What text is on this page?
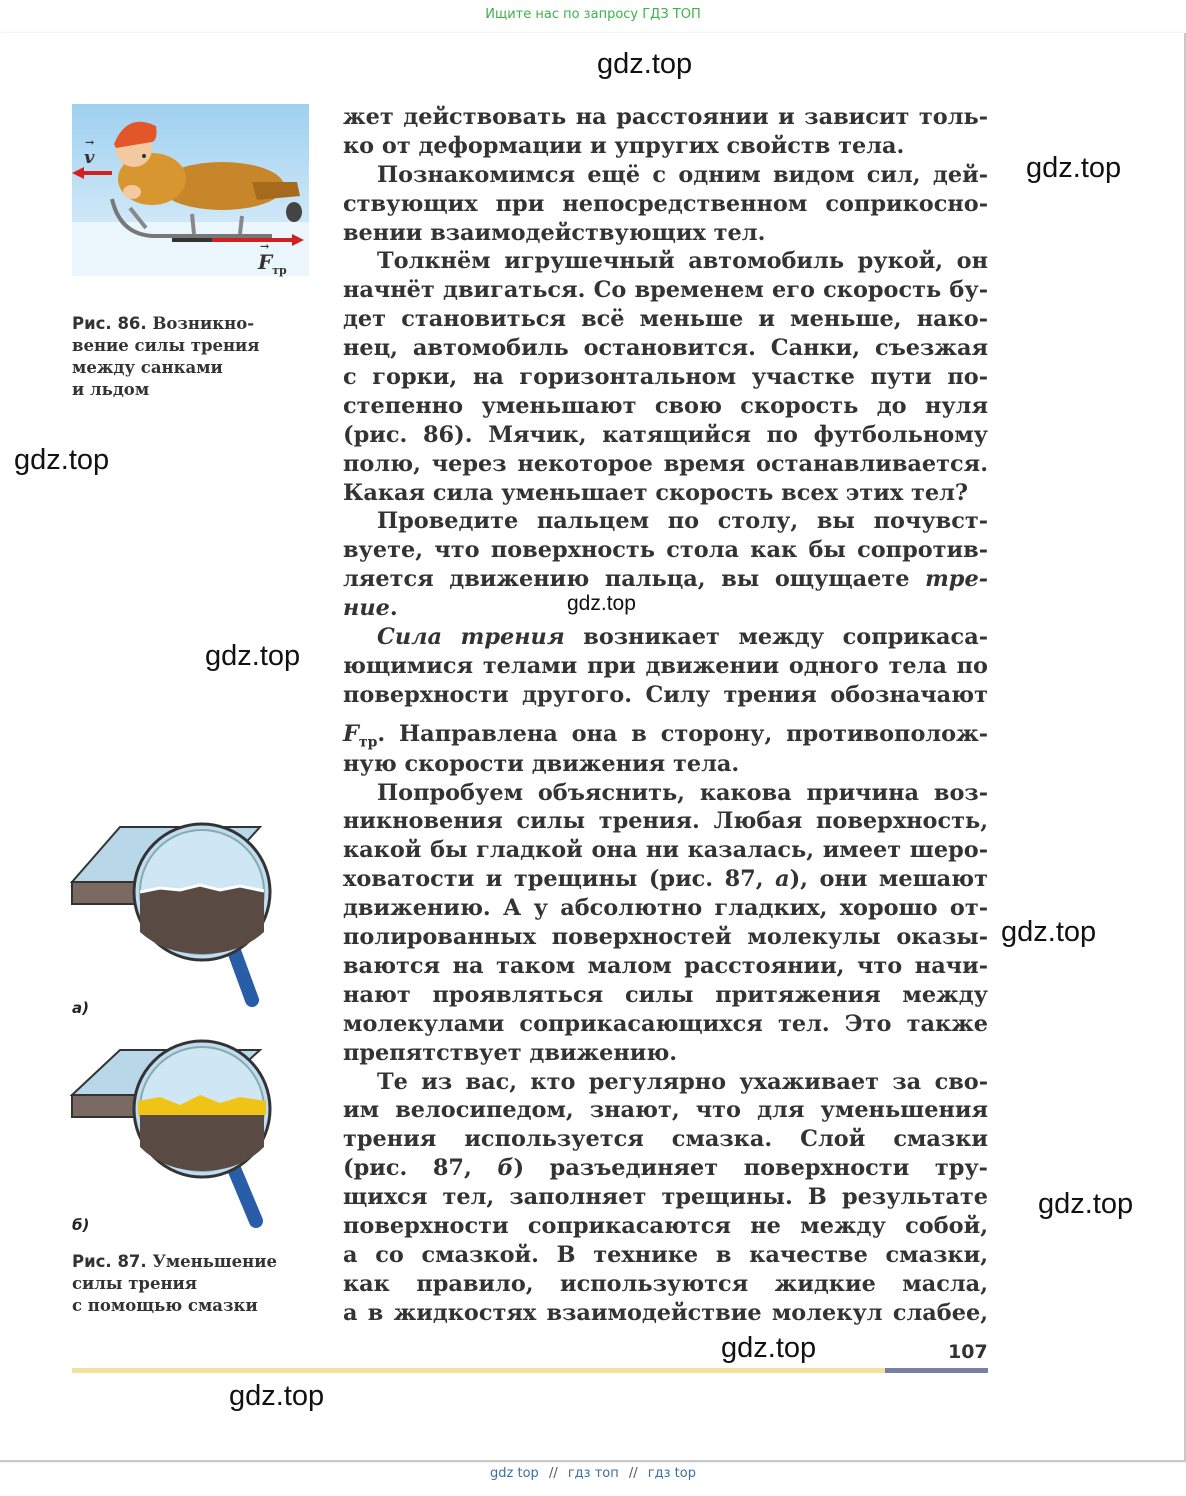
Ищите нас по запросу ГДЗ ТОП
→
v
→
$F_{тр}$
Рис. 86. Возникно-
вение силы трения
между санками
и льдом
а)
б)
Рис. 87. Уменьшение
силы трения
с помощью смазки
жет действовать на расстоянии и зависит толь-
ко от деформации и упругих свойств тела.
Познакомимся ещё с одним видом сил, дей-
ствующих при непосредственном соприкосно-
вении взаимодействующих тел.
Толкнём игрушечный автомобиль рукой, он
начнёт двигаться. Со временем его скорость бу-
дет становиться всё меньше и меньше, нако-
нец, автомобиль остановится. Санки, съезжая
с горки, на горизонтальном участке пути по-
степенно уменьшают свою скорость до нуля
(рис. 86). Мячик, катящийся по футбольному
полю, через некоторое время останавливается.
Какая сила уменьшает скорость всех этих тел?
Проведите пальцем по столу, вы почувст-
вуете, что поверхность стола как бы сопротив-
ляется движению пальца, вы ощущаете тре-
ние.
Сила трения возникает между соприкаса-
ющимися телами при движении одного тела по
поверхности другого. Силу трения обозначают
$F_{тр}$. Направлена она в сторону, противополож-
ную скорости движения тела.
Попробуем объяснить, какова причина воз-
никновения силы трения. Любая поверхность,
какой бы гладкой она ни казалась, имеет шеро-
ховатости и трещины (рис. 87, а), они мешают
движению. А у абсолютно гладких, хорошо от-
полированных поверхностей молекулы оказы-
ваются на таком малом расстоянии, что начи-
нают проявляться силы притяжения между
молекулами соприкасающихся тел. Это также
препятствует движению.
Те из вас, кто регулярно ухаживает за сво-
им велосипедом, знают, что для уменьшения
трения используется смазка. Слой смазки
(рис. 87, б) разъединяет поверхности тру-
щихся тел, заполняет трещины. В результате
поверхности соприкасаются не между собой,
а со смазкой. В технике в качестве смазки,
как правило, используются жидкие масла,
а в жидкостях взаимодействие молекул слабее,
gdz.top
gdz.top
gdz.top
gdz.top
gdz.top
gdz.top
gdz.top
gdz.top
gdz.top
107
gdz top // гдз топ // гдз top
